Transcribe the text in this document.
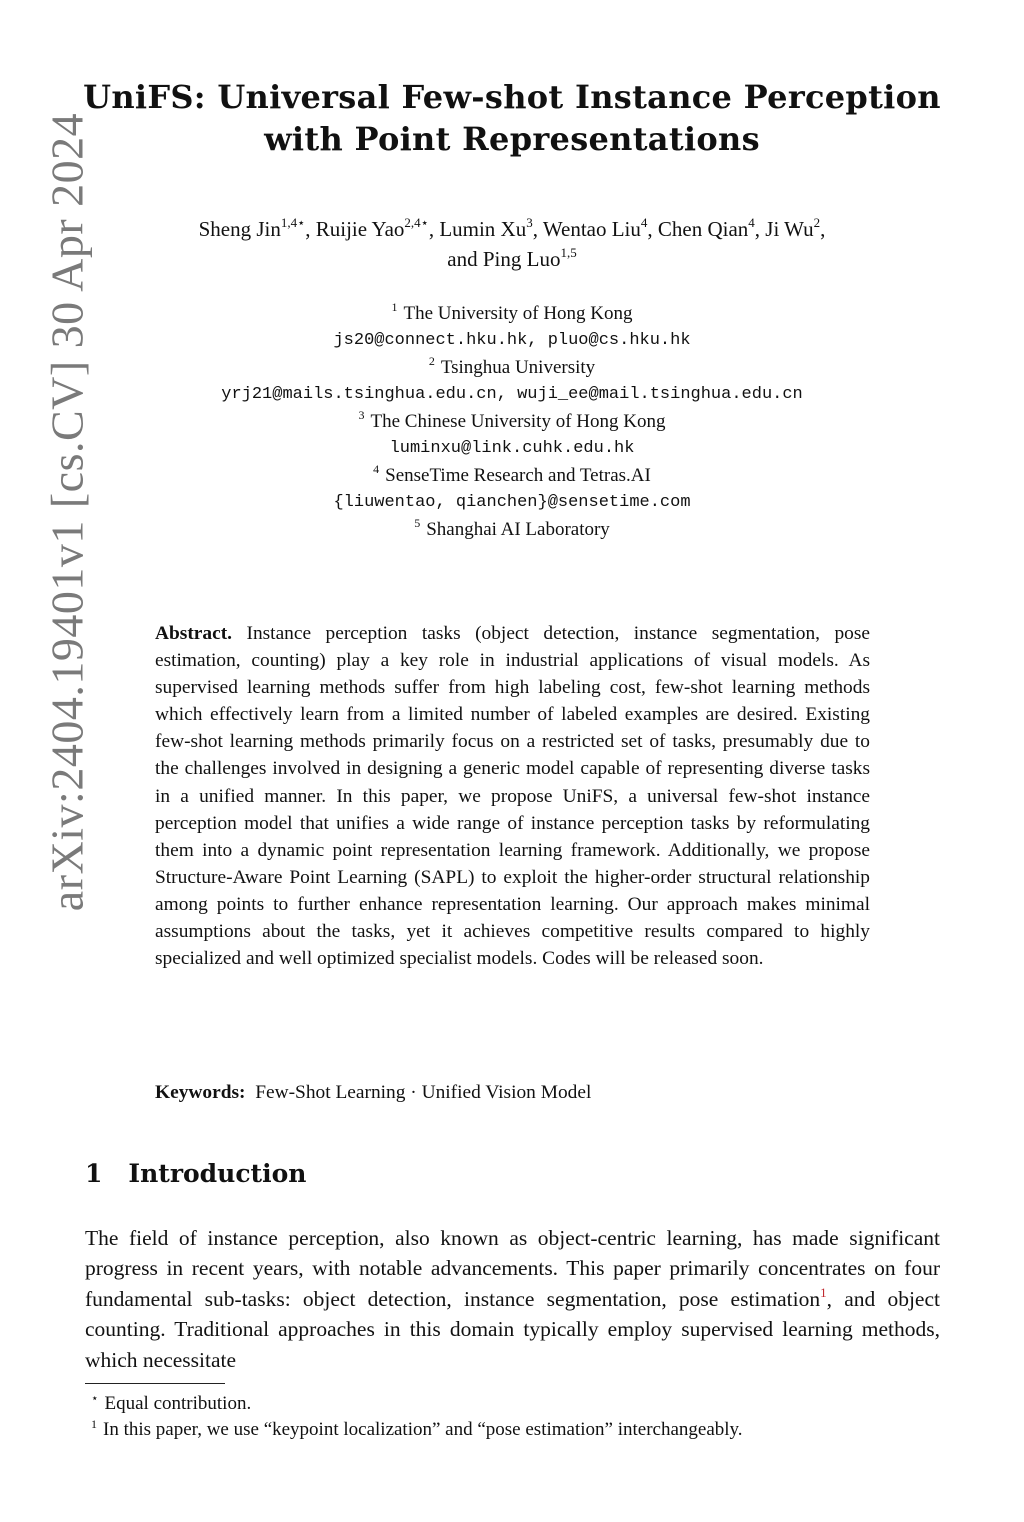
arXiv:2404.19401v1 [cs.CV] 30 Apr 2024
UniFS: Universal Few-shot Instance Perception
with Point Representations
Sheng Jin$^{1,4⋆}$, Ruijie Yao$^{2,4⋆}$, Lumin Xu$^3$, Wentao Liu$^4$, Chen Qian$^4$, Ji Wu$^2$,
and Ping Luo$^{1,5}$
$^1$ The University of Hong Kong
js20@connect.hku.hk, pluo@cs.hku.hk
$^2$ Tsinghua University
yrj21@mails.tsinghua.edu.cn, wuji_ee@mail.tsinghua.edu.cn
$^3$ The Chinese University of Hong Kong
luminxu@link.cuhk.edu.hk
$^4$ SenseTime Research and Tetras.AI
{liuwentao, qianchen}@sensetime.com
$^5$ Shanghai AI Laboratory
Abstract. Instance perception tasks (object detection, instance segmentation, pose estimation, counting) play a key role in industrial applications of visual models. As supervised learning methods suffer from high labeling cost, few-shot learning methods which effectively learn from a limited number of labeled examples are desired. Existing few-shot learning methods primarily focus on a restricted set of tasks, presumably due to the challenges involved in designing a generic model capable of representing diverse tasks in a unified manner. In this paper, we propose UniFS, a universal few-shot instance perception model that unifies a wide range of instance perception tasks by reformulating them into a dynamic point representation learning framework. Additionally, we propose Structure-Aware Point Learning (SAPL) to exploit the higher-order structural relationship among points to further enhance representation learning. Our approach makes minimal assumptions about the tasks, yet it achieves competitive results compared to highly specialized and well optimized specialist models. Codes will be released soon.
Keywords: Few-Shot Learning · Unified Vision Model
1 Introduction
The field of instance perception, also known as object-centric learning, has made significant progress in recent years, with notable advancements. This paper primarily concentrates on four fundamental sub-tasks: object detection, instance segmentation, pose estimation$^1$, and object counting. Traditional approaches in this domain typically employ supervised learning methods, which necessitate
⋆ Equal contribution.
$^1$ In this paper, we use “keypoint localization” and “pose estimation” interchangeably.
